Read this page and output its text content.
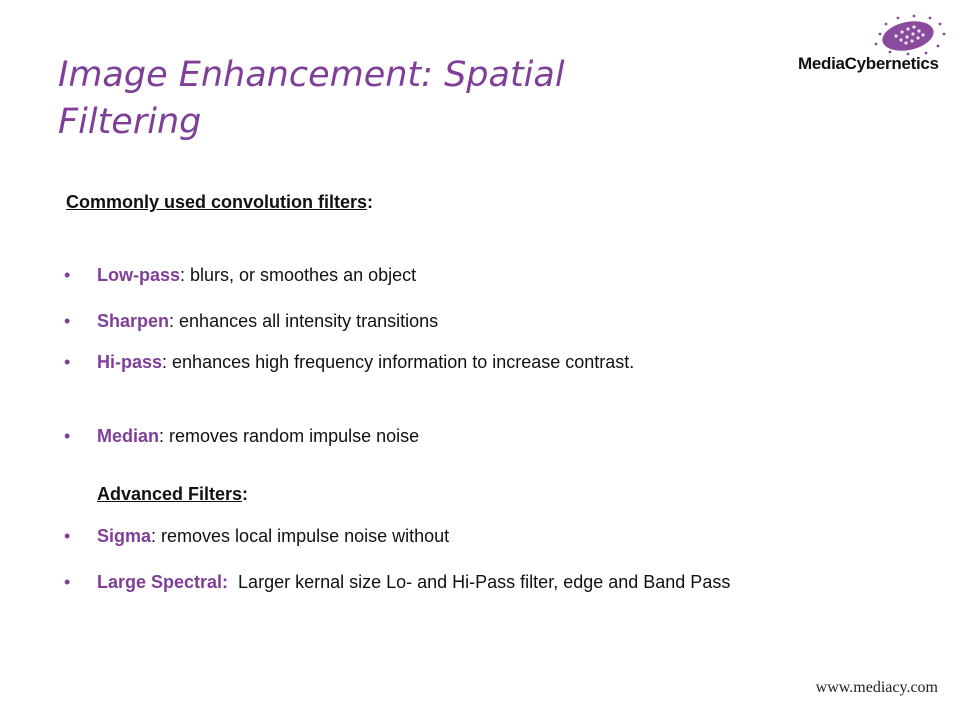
Image Enhancement: Spatial Filtering
MediaCybernetics
Commonly used convolution filters:
• Low-pass: blurs, or smoothes an object
• Sharpen: enhances all intensity transitions
• Hi-pass: enhances high frequency information to increase contrast.
• Median: removes random impulse noise
Advanced Filters:
• Sigma: removes local impulse noise without
• Large Spectral:  Larger kernal size Lo- and Hi-Pass filter, edge and Band Pass
www.mediacy.com
